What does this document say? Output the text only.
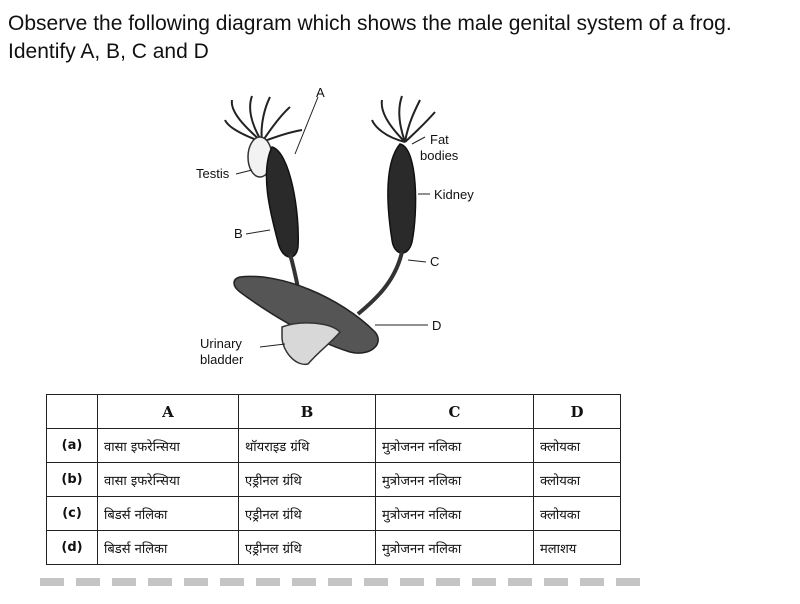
Observe the following diagram which shows the male genital system of a frog. Identify A, B, C and D
A
Testis
Fat
bodies
Kidney
B
C
D
Urinary
bladder
	A	B	C	D
(a)	वासा इफरेन्सिया	थॉयराइड ग्रंथि	मुत्रोजनन नलिका	क्लोयका
(b)	वासा इफरेन्सिया	एड्रीनल ग्रंथि	मुत्रोजनन नलिका	क्लोयका
(c)	बिडर्स नलिका	एड्रीनल ग्रंथि	मुत्रोजनन नलिका	क्लोयका
(d)	बिडर्स नलिका	एड्रीनल ग्रंथि	मुत्रोजनन नलिका	मलाशय
